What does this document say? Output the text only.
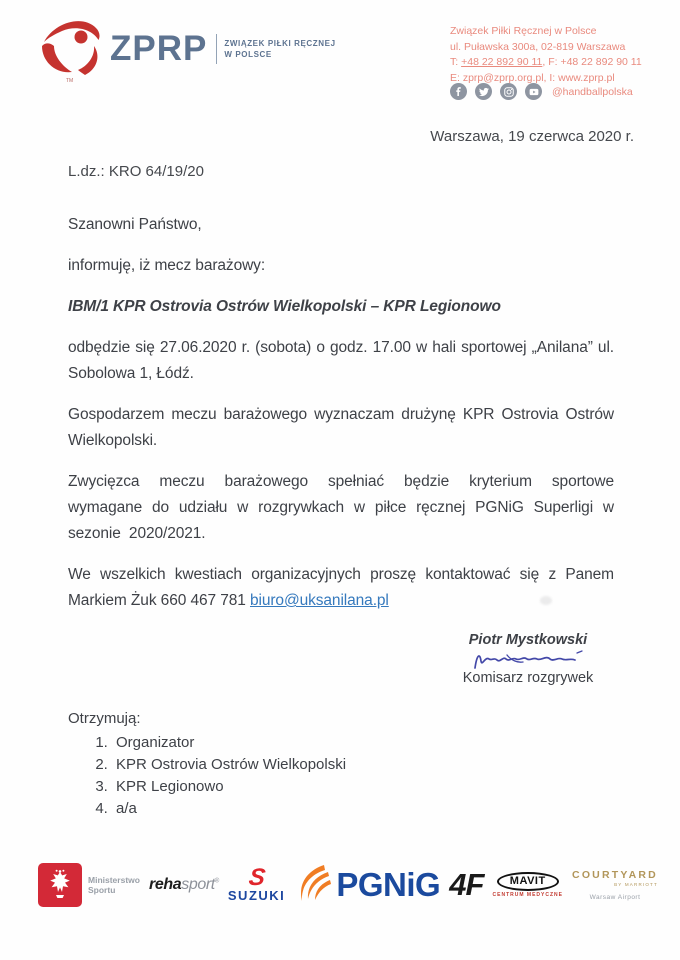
TM
ZPRP ZWIĄZEK PIŁKI RĘCZNEJ
W POLSCE
Związek Piłki Ręcznej w Polsce
ul. Puławska 300a, 02-819 Warszawa
T: +48 22 892 90 11, F: +48 22 892 90 11
E: zprp@zprp.org.pl, I: www.zprp.pl
@handballpolska
Warszawa, 19 czerwca 2020 r.
L.dz.: KRO 64/19/20

Szanowni Państwo,

informuję, iż mecz barażowy:

IBM/1 KPR Ostrovia Ostrów Wielkopolski – KPR Legionowo

odbędzie się 27.06.2020 r. (sobota) o godz. 17.00 w hali sportowej „Anilana” ul. Sobolowa 1, Łódź.

Gospodarzem meczu barażowego wyznaczam drużynę KPR Ostrovia Ostrów Wielkopolski.

Zwycięzca meczu barażowego spełniać będzie kryterium sportowe wymagane do udziału w rozgrywkach w piłce ręcznej PGNiG Superligi w sezonie 2020/2021.

We wszelkich kwestiach organizacyjnych proszę kontaktować się z Panem Markiem Żuk 660 467 781 biuro@uksanilana.pl

Piotr Mystkowski
Komisarz rozgrywek
Otrzymują:
1. Organizator
2. KPR Ostrovia Ostrów Wielkopolski
3. KPR Legionowo
4. a/a
Ministerstwo
Sportu	rehasport® S
SUZUKI PGNiG 4F	MAVIT
CENTRUM MEDYCZNE
COURTYARD
BY MARRIOTT
Warsaw Airport
